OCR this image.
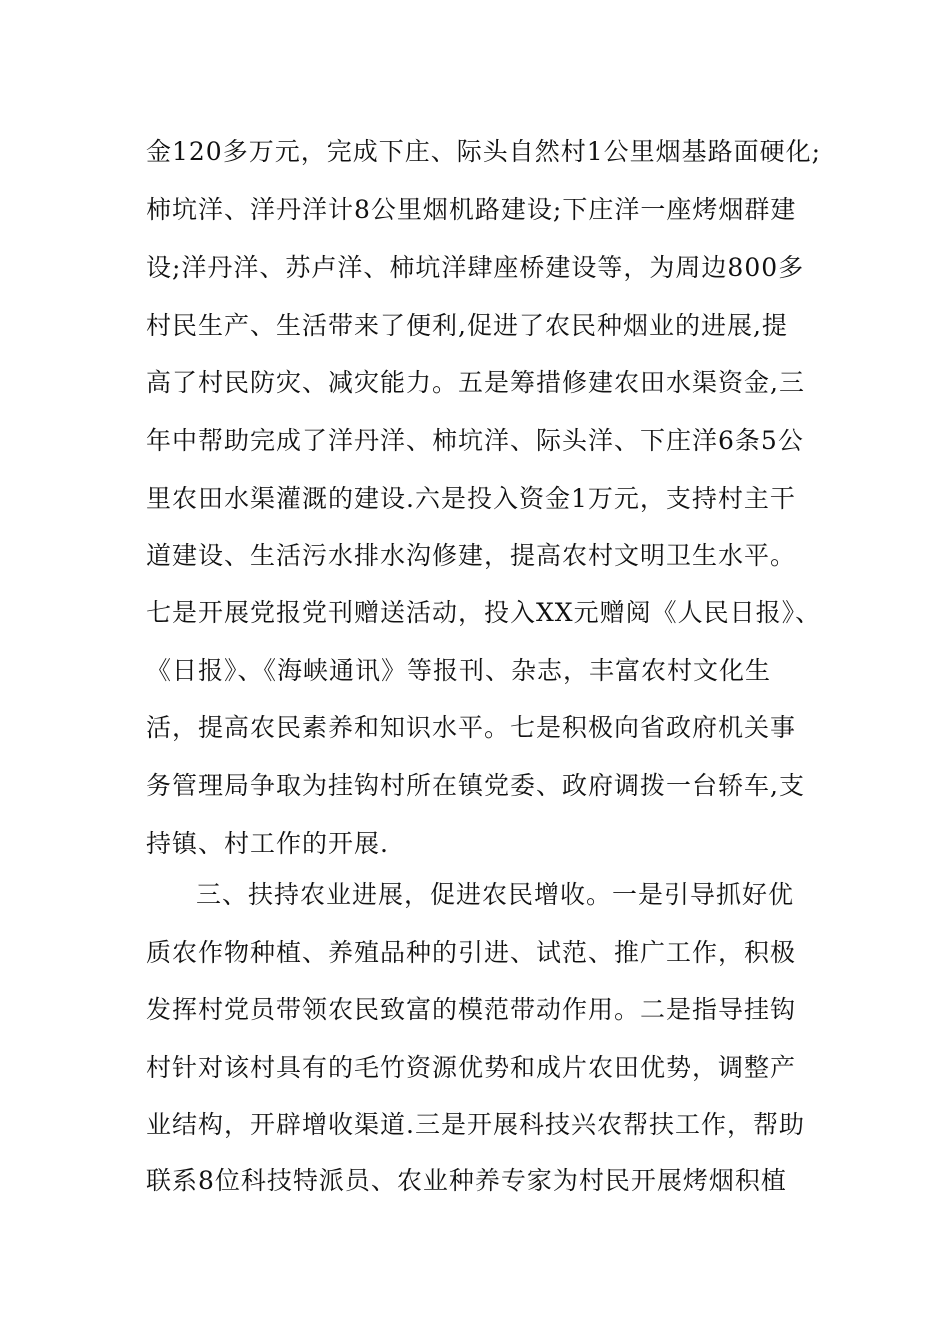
金120多万元，完成下庄、际头自然村1公里烟基路面硬化;
柿坑洋、洋丹洋计8公里烟机路建设;下庄洋一座烤烟群建
设;洋丹洋、苏卢洋、柿坑洋肆座桥建设等，为周边800多
村民生产、生活带来了便利,促进了农民种烟业的进展,提
高了村民防灾、减灾能力。五是筹措修建农田水渠资金,三
年中帮助完成了洋丹洋、柿坑洋、际头洋、下庄洋6条5公
里农田水渠灌溉的建设.六是投入资金1万元，支持村主干
道建设、生活污水排水沟修建，提高农村文明卫生水平。
七是开展党报党刊赠送活动，投入XX元赠阅《人民日报》、
《日报》、《海峡通讯》等报刊、杂志，丰富农村文化生
活，提高农民素养和知识水平。七是积极向省政府机关事
务管理局争取为挂钩村所在镇党委、政府调拨一台轿车,支
持镇、村工作的开展.
三、扶持农业进展，促进农民增收。一是引导抓好优
质农作物种植、养殖品种的引进、试范、推广工作，积极
发挥村党员带领农民致富的模范带动作用。二是指导挂钩
村针对该村具有的毛竹资源优势和成片农田优势，调整产
业结构，开辟增收渠道.三是开展科技兴农帮扶工作，帮助
联系8位科技特派员、农业种养专家为村民开展烤烟积植
